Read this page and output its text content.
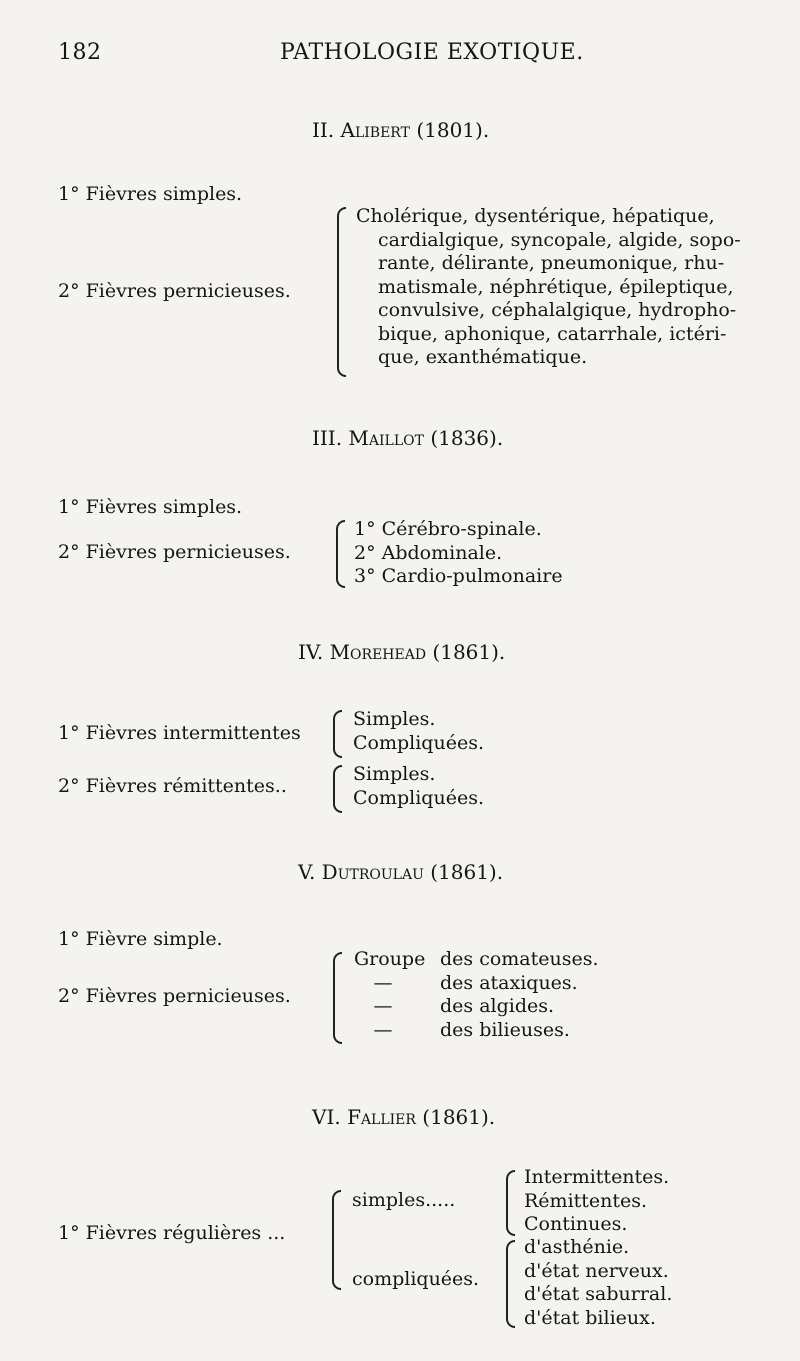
182	PATHOLOGIE EXOTIQUE.
II. Alibert (1801).
1° Fièvres simples.
2° Fièvres pernicieuses.
Cholérique, dysentérique, hépatique,
cardialgique, syncopale, algide, sopo-
rante, délirante, pneumonique, rhu-
matismale, néphrétique, épileptique,
convulsive, céphalalgique, hydropho-
bique, aphonique, catarrhale, ictéri-
que, exanthématique.
III. Maillot (1836).
1° Fièvres simples.
2° Fièvres pernicieuses.
1° Cérébro-spinale.
2° Abdominale.
3° Cardio-pulmonaire
IV. Morehead (1861).
1° Fièvres intermittentes
Simples.
Compliquées.
2° Fièvres rémittentes..
Simples.
Compliquées.
V. Dutroulau (1861).
1° Fièvre simple.
2° Fièvres pernicieuses.
Groupe des comateuses.
—	des ataxiques.
—	des algides.
—	des bilieuses.
VI. Fallier (1861).
1° Fièvres régulières ...
simples.....
Intermittentes.
Rémittentes.
Continues.
compliquées.
d'asthénie.
d'état nerveux.
d'état saburral.
d'état bilieux.
